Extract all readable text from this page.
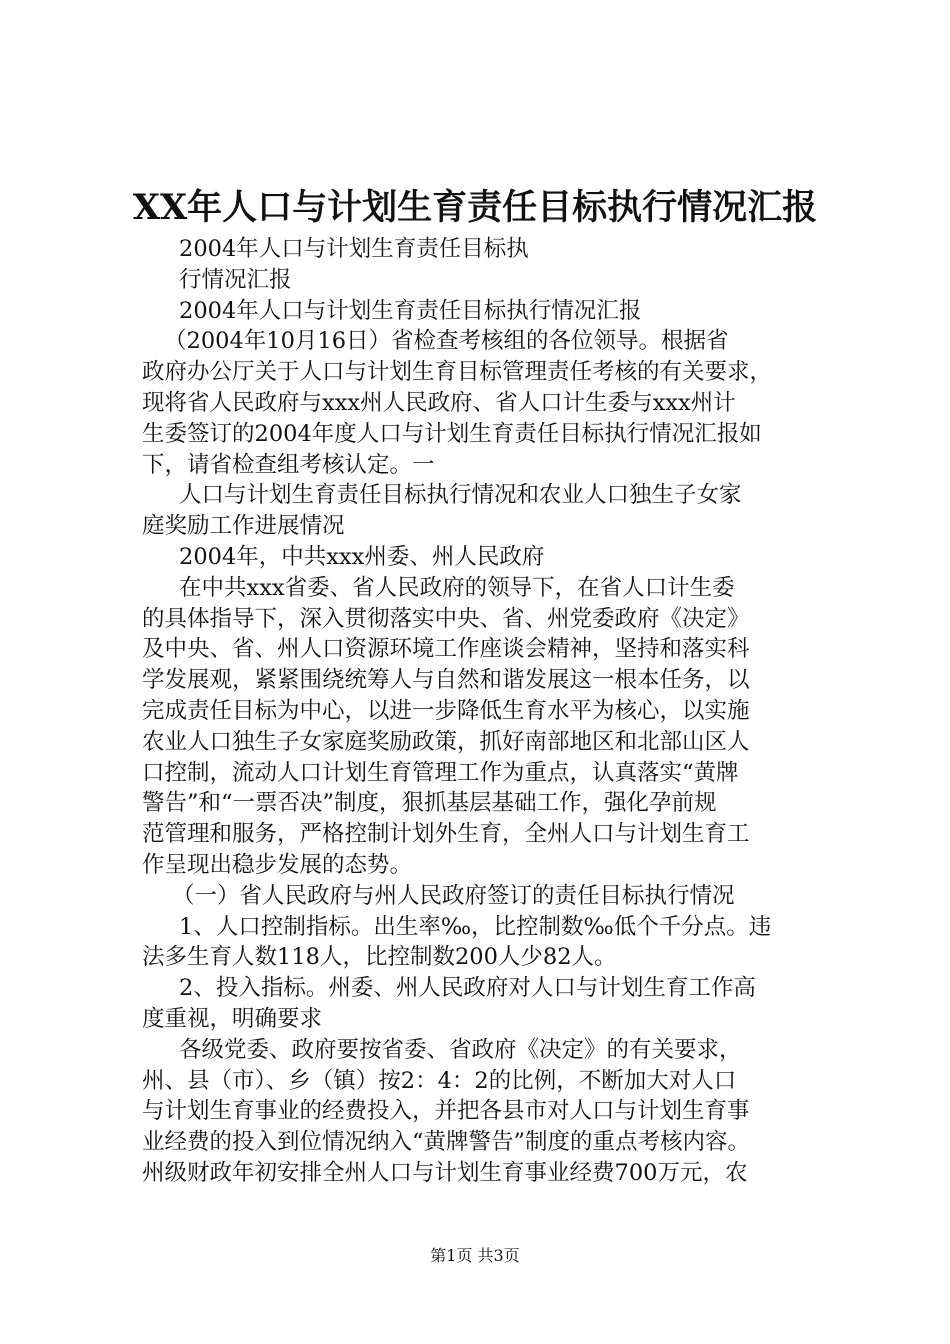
XX年人口与计划生育责任目标执行情况汇报
2004年人口与计划生育责任目标执
行情况汇报
2004年人口与计划生育责任目标执行情况汇报
（2004年10月16日）省检查考核组的各位领导。根据省
政府办公厅关于人口与计划生育目标管理责任考核的有关要求，
现将省人民政府与xxx州人民政府、省人口计生委与xxx州计
生委签订的2004年度人口与计划生育责任目标执行情况汇报如
下，请省检查组考核认定。一
人口与计划生育责任目标执行情况和农业人口独生子女家
庭奖励工作进展情况
2004年，中共xxx州委、州人民政府
在中共xxx省委、省人民政府的领导下，在省人口计生委
的具体指导下，深入贯彻落实中央、省、州党委政府《决定》
及中央、省、州人口资源环境工作座谈会精神，坚持和落实科
学发展观，紧紧围绕统筹人与自然和谐发展这一根本任务，以
完成责任目标为中心，以进一步降低生育水平为核心，以实施
农业人口独生子女家庭奖励政策，抓好南部地区和北部山区人
口控制，流动人口计划生育管理工作为重点，认真落实“黄牌
警告”和“一票否决”制度，狠抓基层基础工作，强化孕前规
范管理和服务，严格控制计划外生育，全州人口与计划生育工
作呈现出稳步发展的态势。
（一）省人民政府与州人民政府签订的责任目标执行情况
1、人口控制指标。出生率‰，比控制数‰低个千分点。违
法多生育人数118人，比控制数200人少82人。
2、投入指标。州委、州人民政府对人口与计划生育工作高
度重视，明确要求
各级党委、政府要按省委、省政府《决定》的有关要求，
州、县（市）、乡（镇）按2：4：2的比例，不断加大对人口
与计划生育事业的经费投入，并把各县市对人口与计划生育事
业经费的投入到位情况纳入“黄牌警告”制度的重点考核内容。
州级财政年初安排全州人口与计划生育事业经费700万元，农
第1页 共3页
